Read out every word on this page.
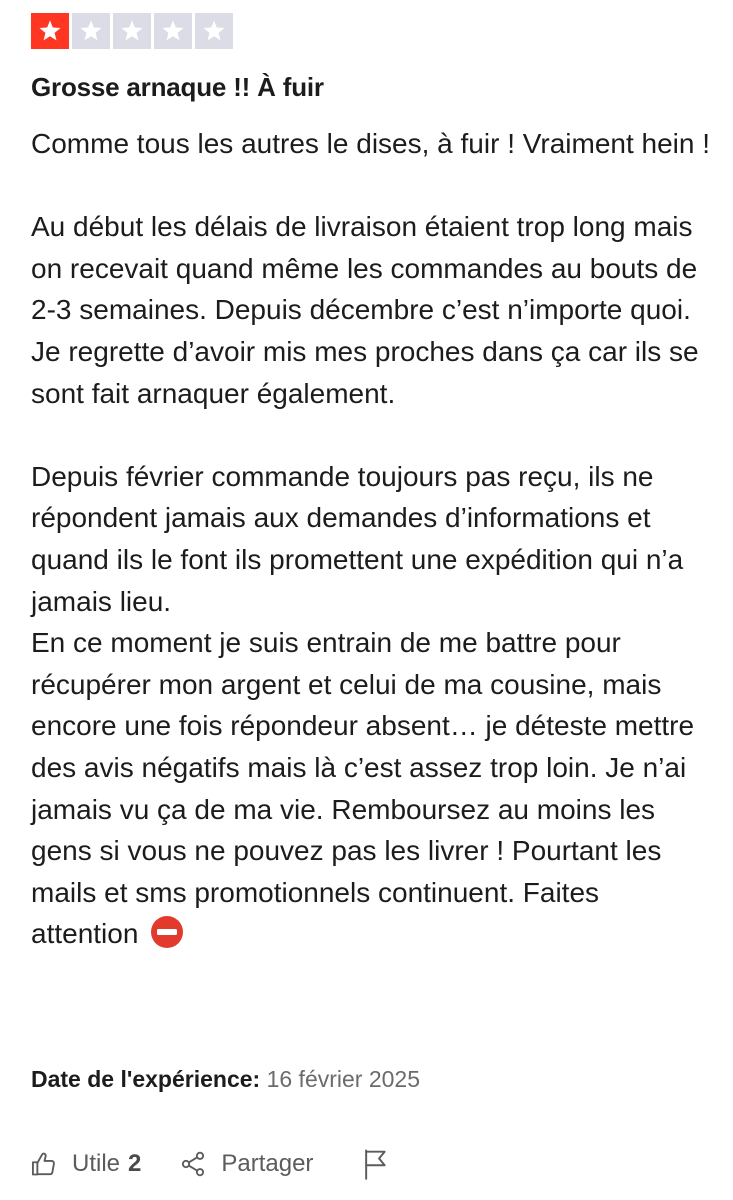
Grosse arnaque !! À fuir

Comme tous les autres le dises, à fuir ! Vraiment hein !

Au début les délais de livraison étaient trop long mais on recevait quand même les commandes au bouts de 2-3 semaines. Depuis décembre c’est n’importe quoi.

Je regrette d’avoir mis mes proches dans ça car ils se sont fait arnaquer également.

Depuis février commande toujours pas reçu, ils ne répondent jamais aux demandes d’informations et quand ils le font ils promettent une expédition qui n’a jamais lieu.

En ce moment je suis entrain de me battre pour récupérer mon argent et celui de ma cousine, mais encore une fois répondeur absent… je déteste mettre des avis négatifs mais là c’est assez trop loin. Je n’ai jamais vu ça de ma vie. Remboursez au moins les gens si vous ne pouvez pas les livrer ! Pourtant les mails et sms promotionnels continuent. Faites attention

Date de l'expérience: 16 février 2025
Utile 2	Partager
